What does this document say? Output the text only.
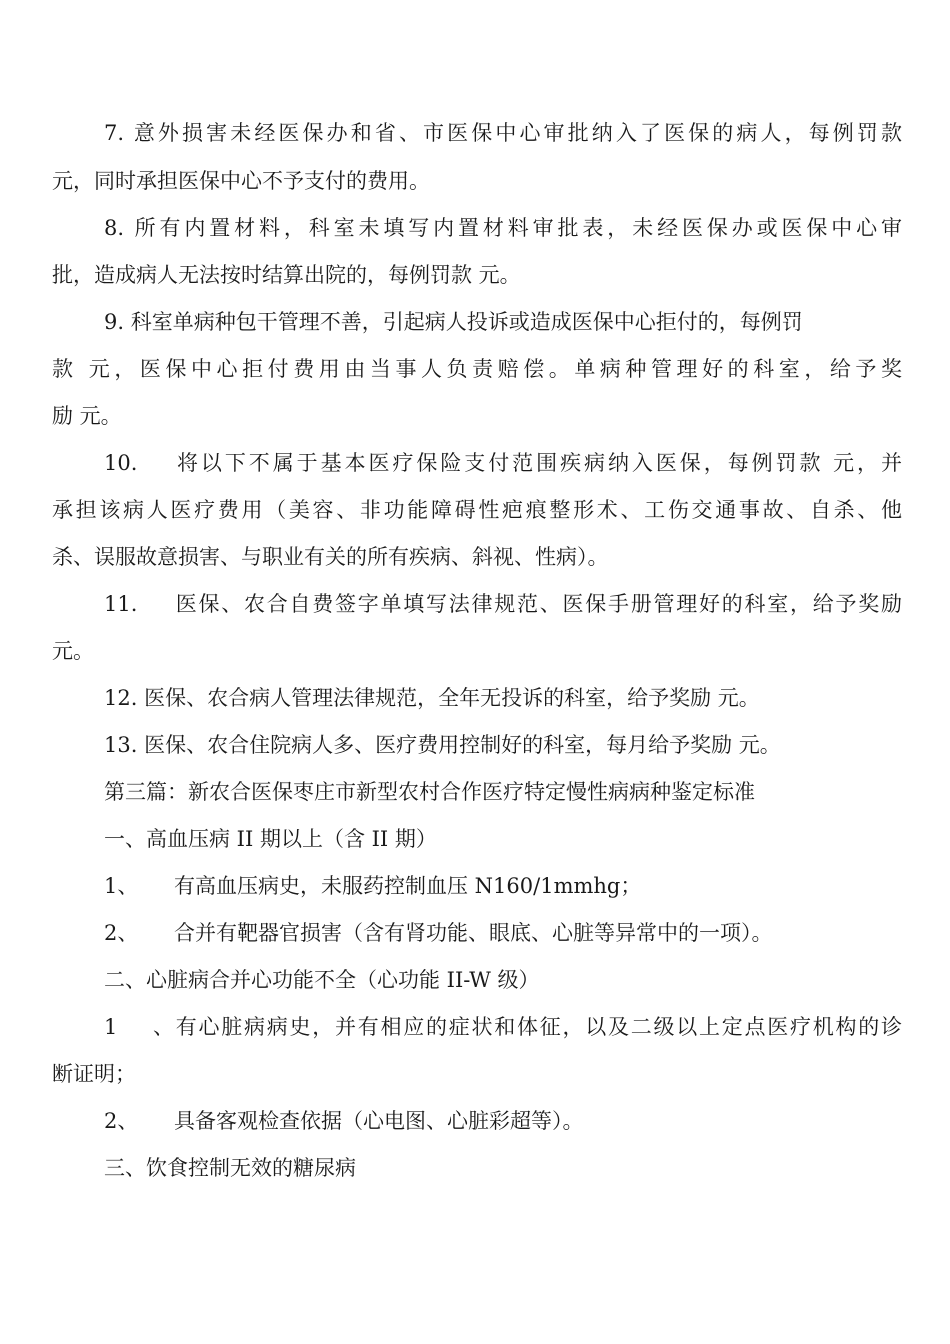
7. 意外损害未经医保办和省、市医保中心审批纳入了医保的病人，每例罚款
元，同时承担医保中心不予支付的费用。
8. 所有内置材料，科室未填写内置材料审批表，未经医保办或医保中心审
批，造成病人无法按时结算出院的，每例罚款 元。
9. 科室单病种包干管理不善，引起病人投诉或造成医保中心拒付的，每例罚
款 元，医保中心拒付费用由当事人负责赔偿。单病种管理好的科室，给予奖
励 元。
10. 将以下不属于基本医疗保险支付范围疾病纳入医保，每例罚款 元，并
承担该病人医疗费用（美容、非功能障碍性疤痕整形术、工伤交通事故、自杀、他
杀、误服故意损害、与职业有关的所有疾病、斜视、性病）。
11. 医保、农合自费签字单填写法律规范、医保手册管理好的科室，给予奖励
元。
12. 医保、农合病人管理法律规范，全年无投诉的科室，给予奖励 元。
13. 医保、农合住院病人多、医疗费用控制好的科室，每月给予奖励 元。
第三篇：新农合医保枣庄市新型农村合作医疗特定慢性病病种鉴定标准
一、高血压病 II 期以上（含 II 期）
1、 有高血压病史，未服药控制血压 N160/1mmhg；
2、 合并有靶器官损害（含有肾功能、眼底、心脏等异常中的一项）。
二、心脏病合并心功能不全（心功能 II-W 级）
1、有心脏病病史，并有相应的症状和体征，以及二级以上定点医疗机构的诊
断证明；
2、 具备客观检查依据（心电图、心脏彩超等）。
三、饮食控制无效的糖尿病
